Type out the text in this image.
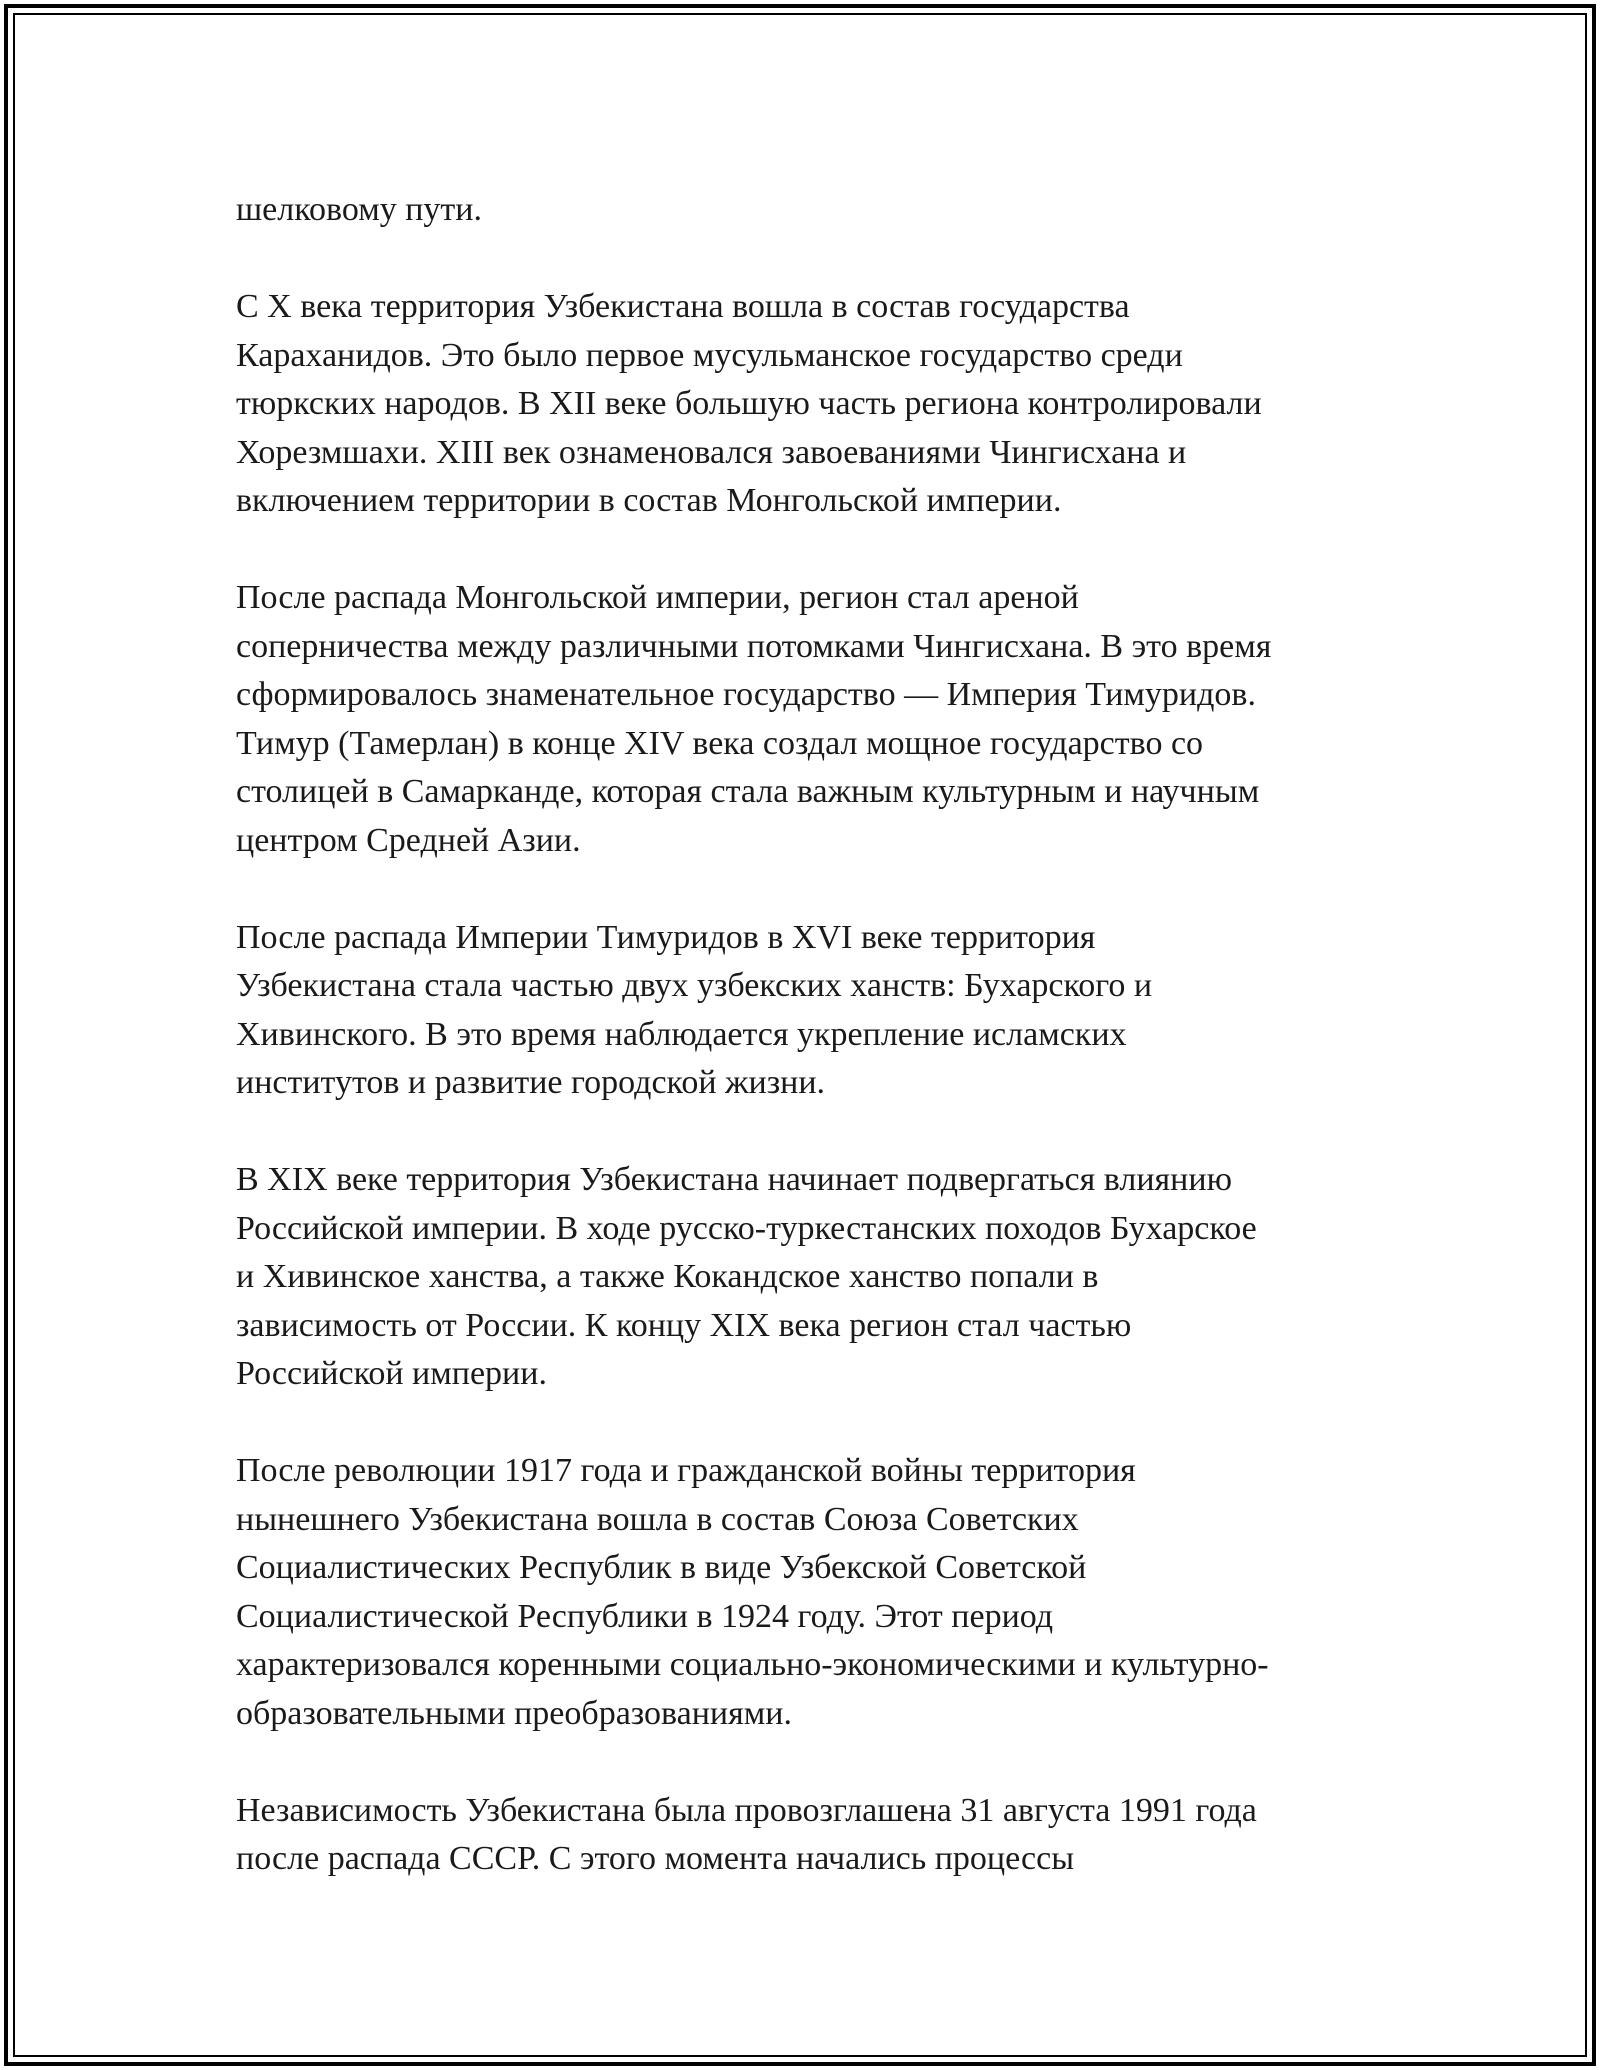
шелковому пути.

С X века территория Узбекистана вошла в состав государства
Караханидов. Это было первое мусульманское государство среди
тюркских народов. В XII веке большую часть региона контролировали
Хорезмшахи. XIII век ознаменовался завоеваниями Чингисхана и
включением территории в состав Монгольской империи.

После распада Монгольской империи, регион стал ареной
соперничества между различными потомками Чингисхана. В это время
сформировалось знаменательное государство — Империя Тимуридов.
Тимур (Тамерлан) в конце XIV века создал мощное государство со
столицей в Самарканде, которая стала важным культурным и научным
центром Средней Азии.

После распада Империи Тимуридов в XVI веке территория
Узбекистана стала частью двух узбекских ханств: Бухарского и
Хивинского. В это время наблюдается укрепление исламских
институтов и развитие городской жизни.

В XIX веке территория Узбекистана начинает подвергаться влиянию
Российской империи. В ходе русско-туркестанских походов Бухарское
и Хивинское ханства, а также Кокандское ханство попали в
зависимость от России. К концу XIX века регион стал частью
Российской империи.

После революции 1917 года и гражданской войны территория
нынешнего Узбекистана вошла в состав Союза Советских
Социалистических Республик в виде Узбекской Советской
Социалистической Республики в 1924 году. Этот период
характеризовался коренными социально-экономическими и культурно-
образовательными преобразованиями.

Независимость Узбекистана была провозглашена 31 августа 1991 года
после распада СССР. С этого момента начались процессы
